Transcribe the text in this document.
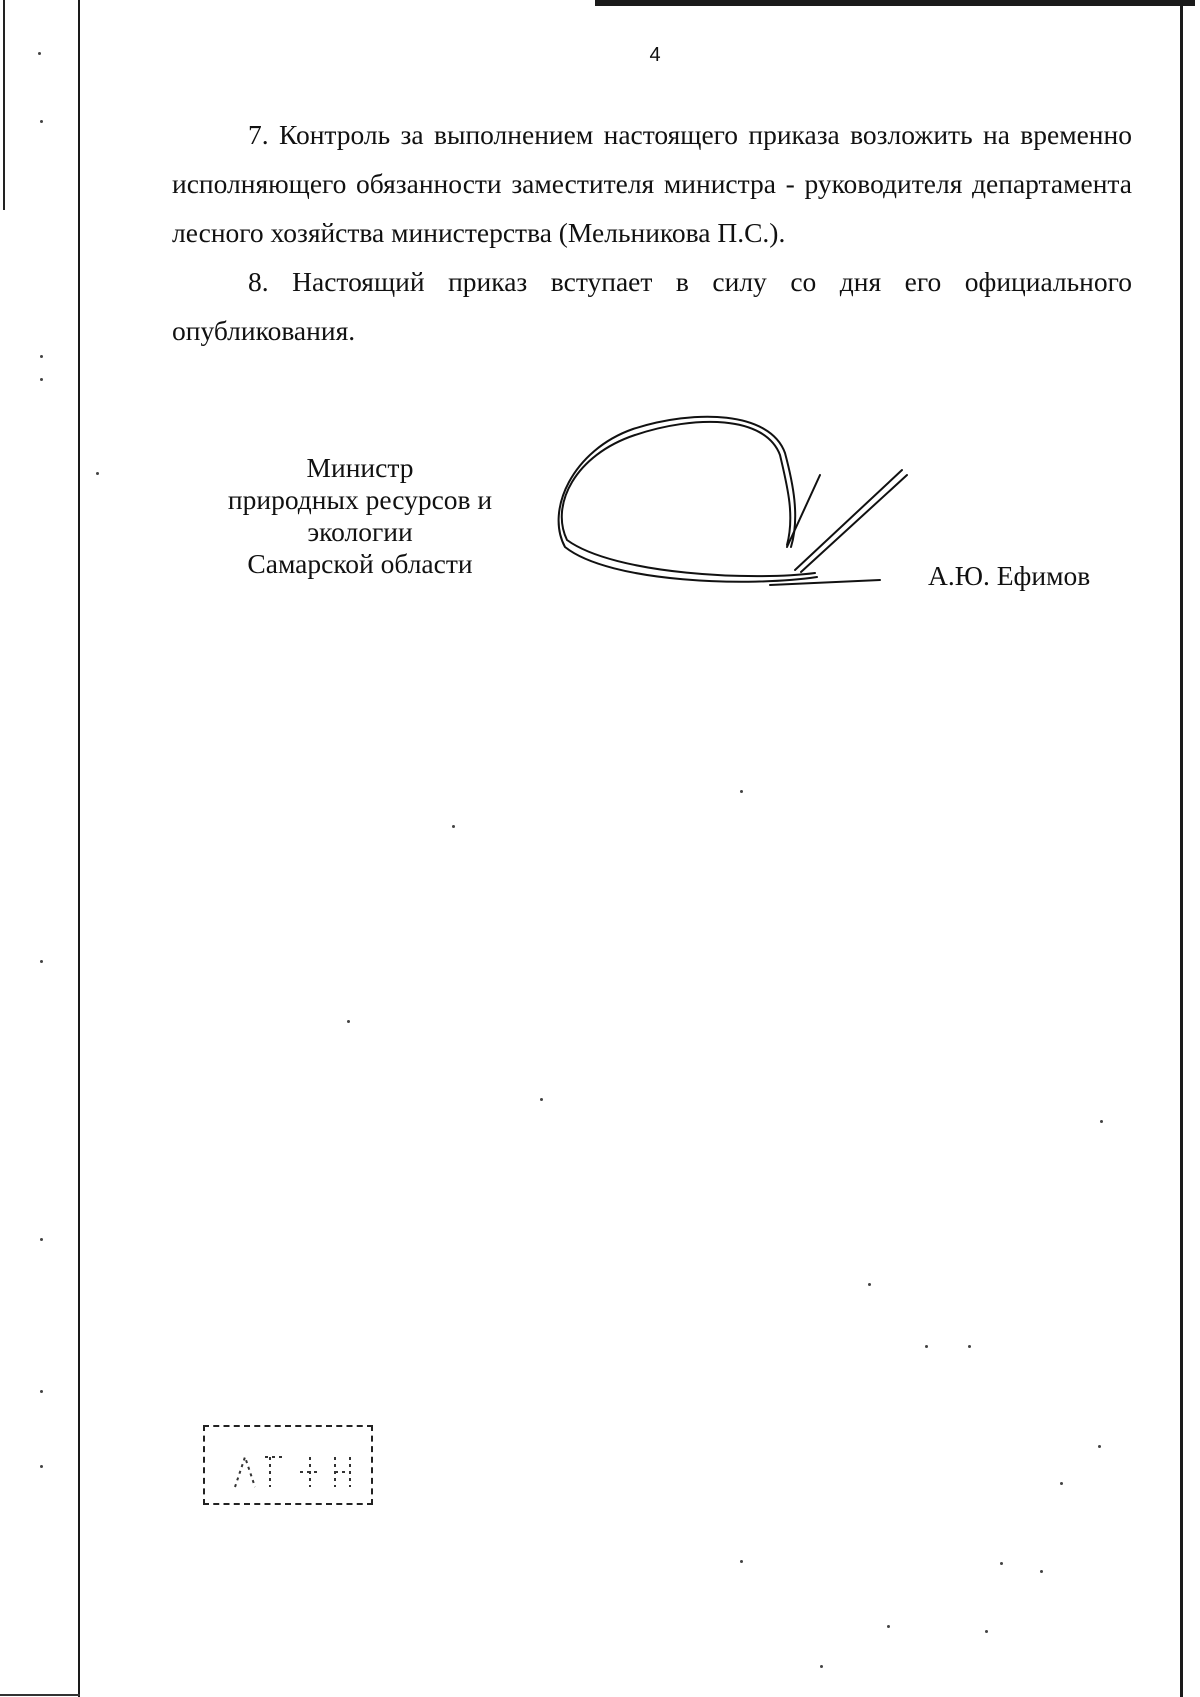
4

7. Контроль за выполнением настоящего приказа возложить на временно исполняющего обязанности заместителя министра - руководителя департамента лесного хозяйства министерства (Мельникова П.С.).

8. Настоящий приказ вступает в силу со дня его официального опубликования.

Министр
природных ресурсов и
экологии
Самарской области	А.Ю. Ефимов
